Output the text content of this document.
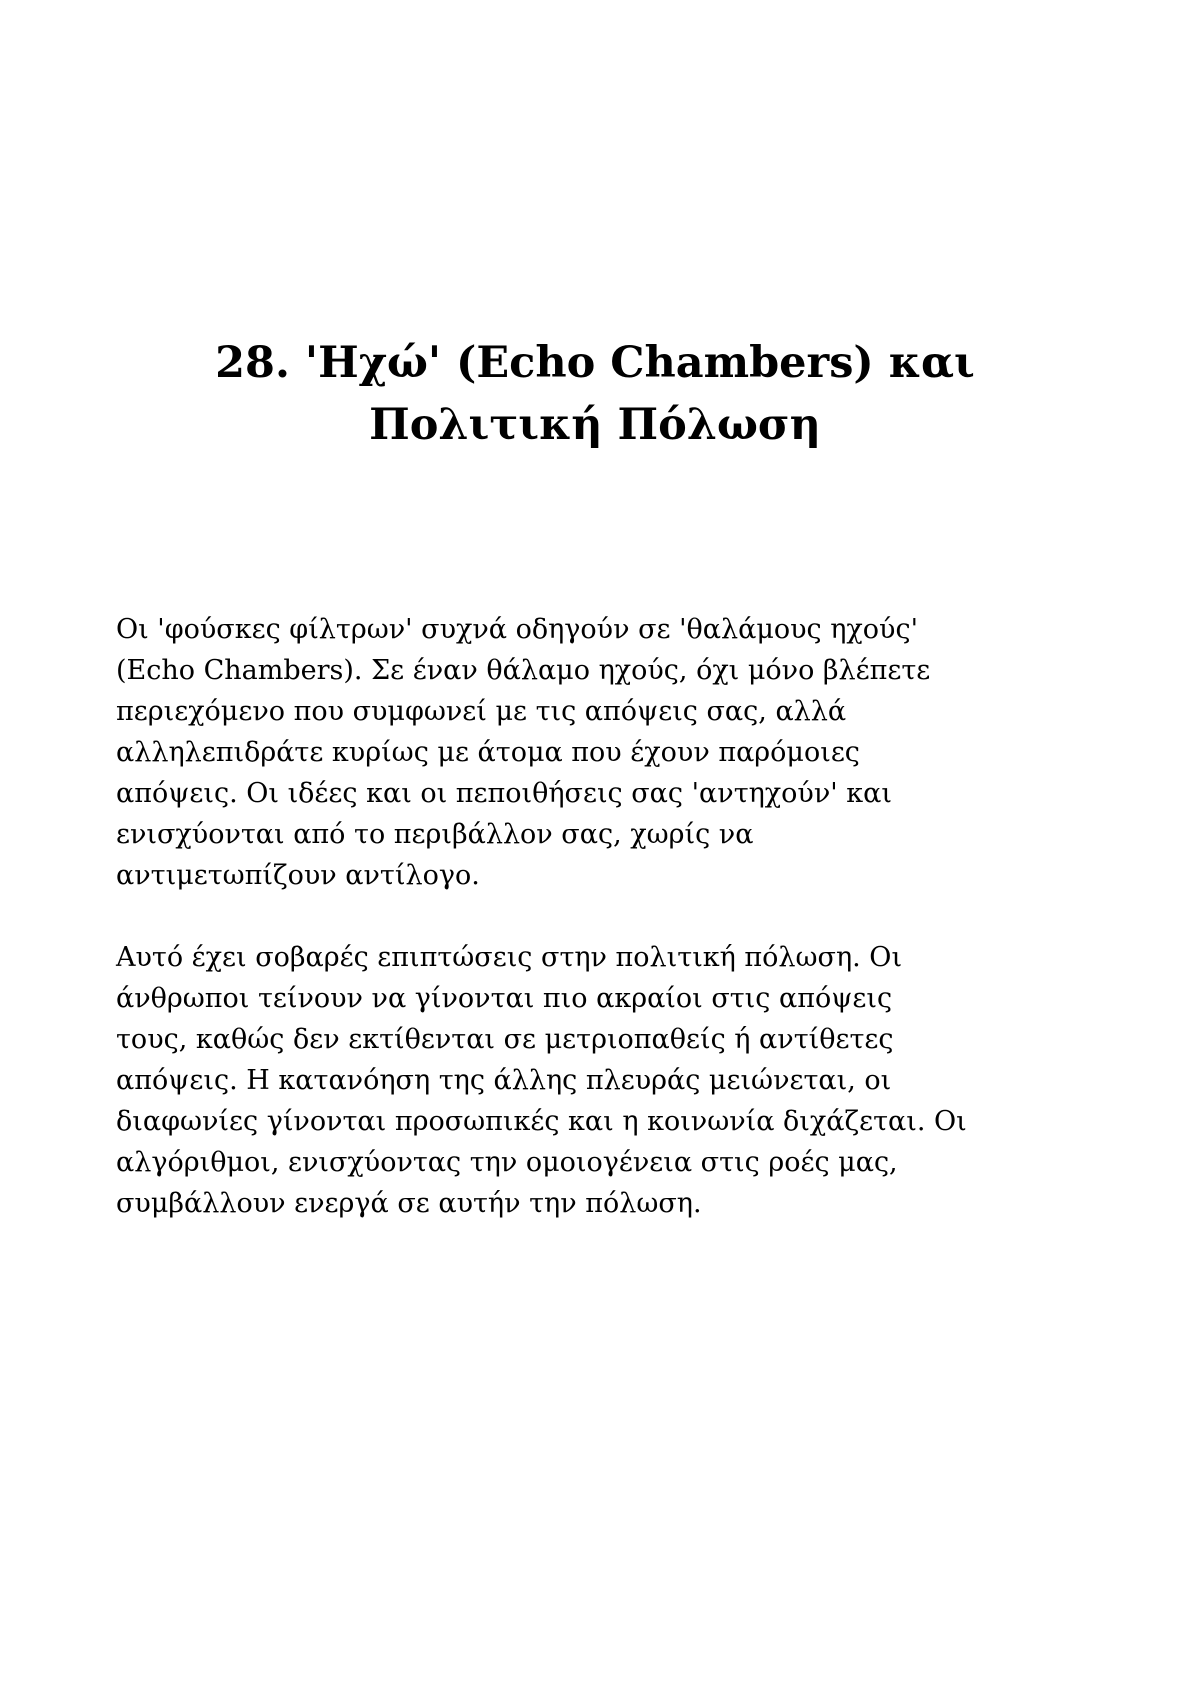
28. 'Ηχώ' (Echo Chambers) και
Πολιτική Πόλωση

Οι 'φούσκες φίλτρων' συχνά οδηγούν σε 'θαλάμους ηχούς'
(Echo Chambers). Σε έναν θάλαμο ηχούς, όχι μόνο βλέπετε
περιεχόμενο που συμφωνεί με τις απόψεις σας, αλλά
αλληλεπιδράτε κυρίως με άτομα που έχουν παρόμοιες
απόψεις. Οι ιδέες και οι πεποιθήσεις σας 'αντηχούν' και
ενισχύονται από το περιβάλλον σας, χωρίς να
αντιμετωπίζουν αντίλογο.

Αυτό έχει σοβαρές επιπτώσεις στην πολιτική πόλωση. Οι
άνθρωποι τείνουν να γίνονται πιο ακραίοι στις απόψεις
τους, καθώς δεν εκτίθενται σε μετριοπαθείς ή αντίθετες
απόψεις. Η κατανόηση της άλλης πλευράς μειώνεται, οι
διαφωνίες γίνονται προσωπικές και η κοινωνία διχάζεται. Οι
αλγόριθμοι, ενισχύοντας την ομοιογένεια στις ροές μας,
συμβάλλουν ενεργά σε αυτήν την πόλωση.
